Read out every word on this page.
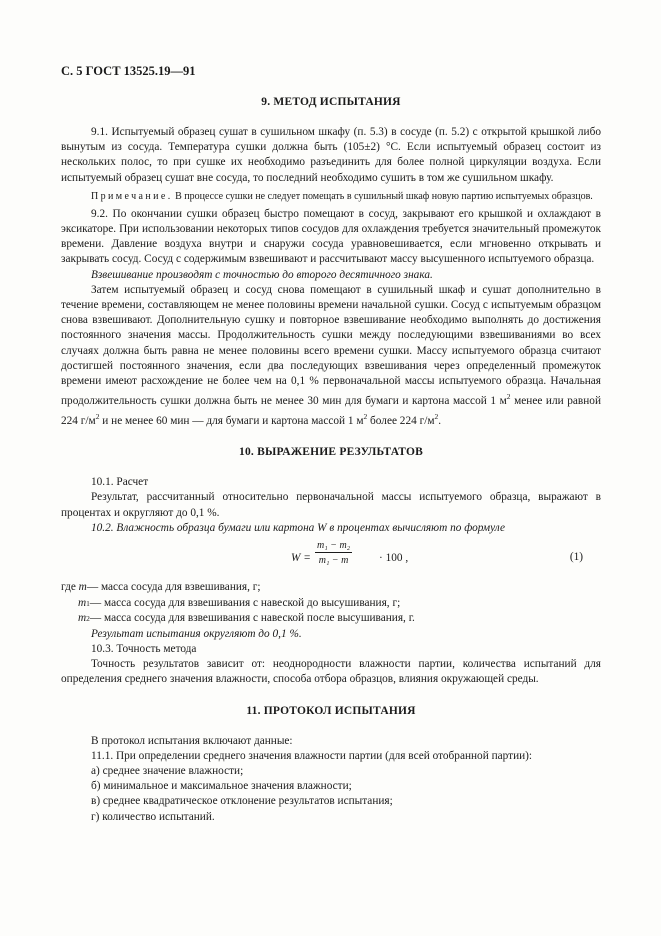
С. 5 ГОСТ 13525.19—91
9. МЕТОД ИСПЫТАНИЯ

9.1. Испытуемый образец сушат в сушильном шкафу (п. 5.3) в сосуде (п. 5.2) с открытой крышкой либо вынутым из сосуда. Температура сушки должна быть (105±2) °С. Если испытуемый образец состоит из нескольких полос, то при сушке их необходимо разъединить для более полной циркуляции воздуха. Если испытуемый образец сушат вне сосуда, то последний необходимо сушить в том же сушильном шкафу.

Примечание. В процессе сушки не следует помещать в сушильный шкаф новую партию испытуемых образцов.

9.2. По окончании сушки образец быстро помещают в сосуд, закрывают его крышкой и охлаждают в эксикаторе. При использовании некоторых типов сосудов для охлаждения требуется значительный промежуток времени. Давление воздуха внутри и снаружи сосуда уравновешивается, если мгновенно открывать и закрывать сосуд. Сосуд с содержимым взвешивают и рассчитывают массу высушенного испытуемого образца.

Взвешивание производят с точностью до второго десятичного знака.

Затем испытуемый образец и сосуд снова помещают в сушильный шкаф и сушат дополнительно в течение времени, составляющем не менее половины времени начальной сушки. Сосуд с испытуемым образцом снова взвешивают. Дополнительную сушку и повторное взвешивание необходимо выполнять до достижения постоянного значения массы. Продолжительность сушки между последующими взвешиваниями во всех случаях должна быть равна не менее половины всего времени сушки. Массу испытуемого образца считают достигшей постоянного значения, если два последующих взвешивания через определенный промежуток времени имеют расхождение не более чем на 0,1 % первоначальной массы испытуемого образца. Начальная продолжительность сушки должна быть не менее 30 мин для бумаги и картона массой 1 $м^2$ менее или равной 224 $г/м^2$ и не менее 60 мин — для бумаги и картона массой 1 $м^2$ более 224 $г/м^2$.

10. ВЫРАЖЕНИЕ РЕЗУЛЬТАТОВ

10.1. Расчет

Результат, рассчитанный относительно первоначальной массы испытуемого образца, выражают в процентах и округляют до 0,1 %.

10.2. Влажность образца бумаги или картона W в процентах вычисляют по формуле

$W = \frac{\text{m₁ − m₂}}{\text{m₁ − m}} \cdot 100$ ,	(1)
где
m — масса сосуда для взвешивания, г;
m 1 — масса сосуда для взвешивания с навеской до высушивания, г;
m 2 — масса сосуда для взвешивания с навеской после высушивания, г.

Результат испытания округляют до 0,1 %.

10.3. Точность метода

Точность результатов зависит от: неоднородности влажности партии, количества испытаний для определения среднего значения влажности, способа отбора образцов, влияния окружающей среды.

11. ПРОТОКОЛ ИСПЫТАНИЯ

В протокол испытания включают данные:

11.1. При определении среднего значения влажности партии (для всей отобранной партии):

а) среднее значение влажности;

б) минимальное и максимальное значения влажности;

в) среднее квадратическое отклонение результатов испытания;

г) количество испытаний.
